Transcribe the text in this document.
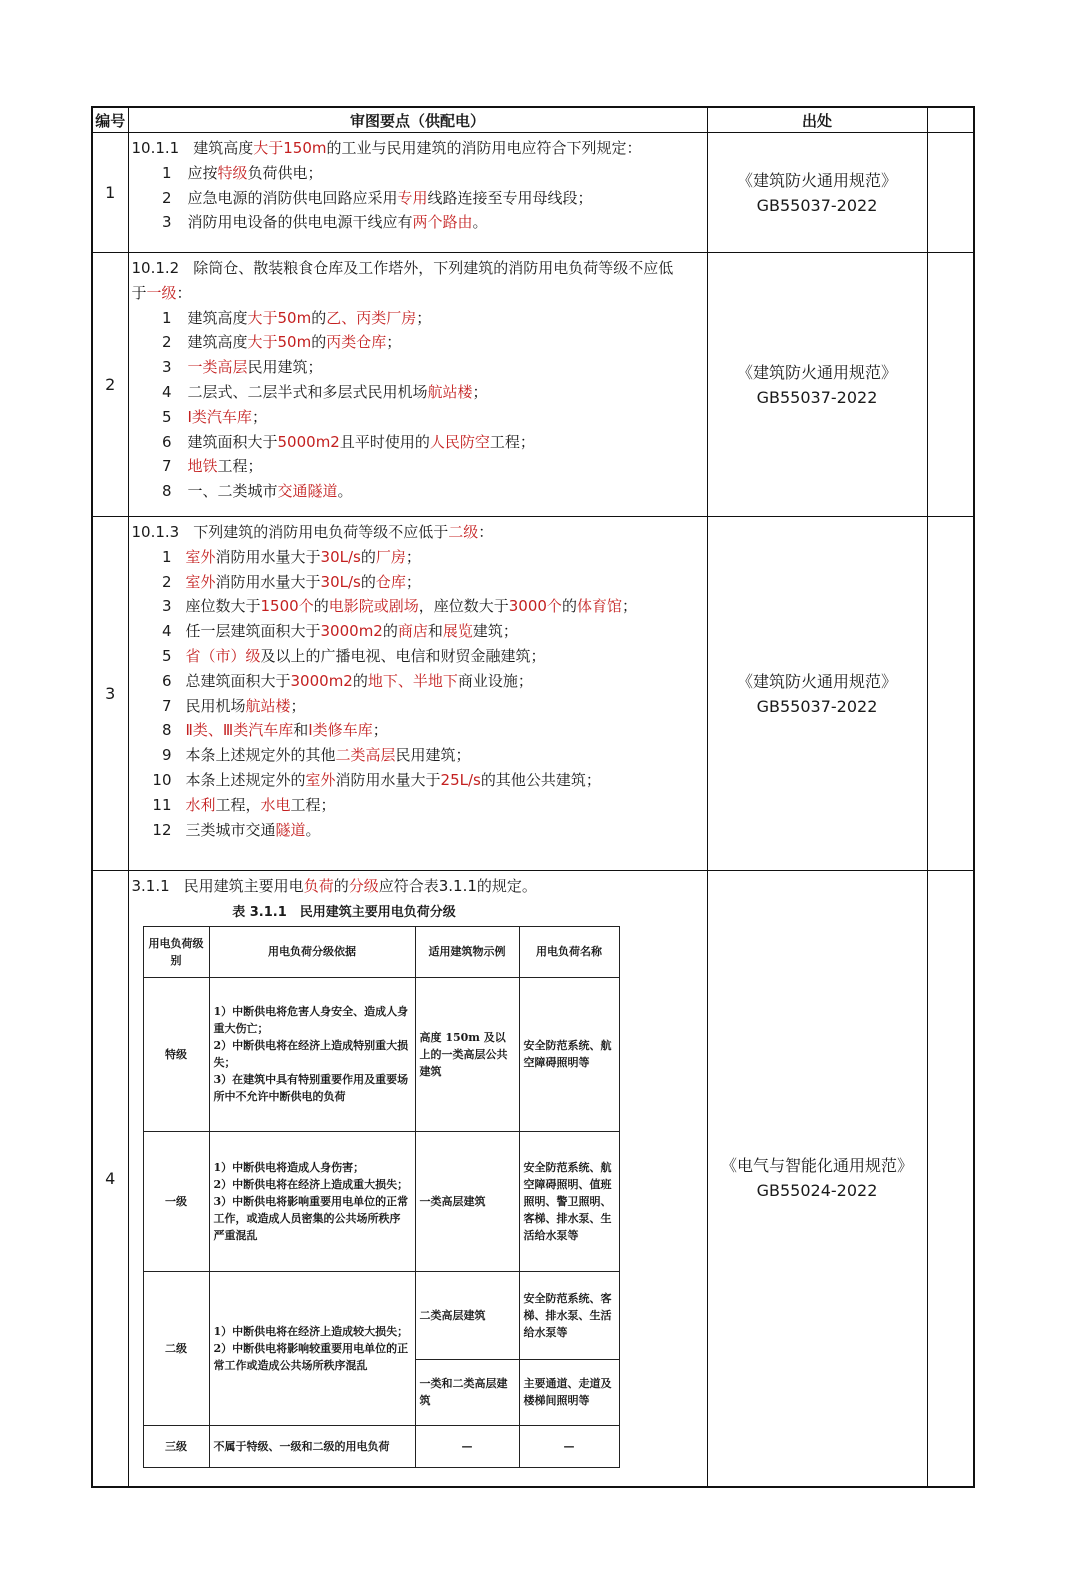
编号	审图要点（供配电）	出处	
1	
10.1.1 建筑高度大于150m的工业与民用建筑的消防用电应符合下列规定：
1 应按特级负荷供电；
2 应急电源的消防供电回路应采用专用线路连接至专用母线段；
3 消防用电设备的供电电源干线应有两个路由。

《建筑防火通用规范》
GB55037-2022

2	
10.1.2 除筒仓、散装粮食仓库及工作塔外，下列建筑的消防用电负荷等级不应低
于一级：
1 建筑高度大于50m的乙、丙类厂房；
2 建筑高度大于50m的丙类仓库；
3 一类高层民用建筑；
4 二层式、二层半式和多层式民用机场航站楼；
5 Ⅰ类汽车库；
6 建筑面积大于5000m2且平时使用的人民防空工程；
7 地铁工程；
8 一、二类城市交通隧道。

《建筑防火通用规范》
GB55037-2022

3	
10.1.3 下列建筑的消防用电负荷等级不应低于二级：
1 室外消防用水量大于30L/s的厂房；
2 室外消防用水量大于30L/s的仓库；
3 座位数大于1500个的电影院或剧场，座位数大于3000个的体育馆；
4 任一层建筑面积大于3000m2的商店和展览建筑；
5 省（市）级及以上的广播电视、电信和财贸金融建筑；
6 总建筑面积大于3000m2的地下、半地下商业设施；
7 民用机场航站楼；
8 Ⅱ类、Ⅲ类汽车库和Ⅰ类修车库；
9 本条上述规定外的其他二类高层民用建筑；
10 本条上述规定外的室外消防用水量大于25L/s的其他公共建筑；
11 水利工程，水电工程；
12 三类城市交通隧道。

《建筑防火通用规范》
GB55037-2022

4	
3.1.1 民用建筑主要用电负荷的分级应符合表3.1.1的规定。
表 3.1.1　民用建筑主要用电负荷分级
用电负荷级别	用电负荷分级依据	适用建筑物示例	用电负荷名称
特级	
1）中断供电将危害人身安全、造成人身重大伤亡；
2）中断供电将在经济上造成特别重大损失；
3）在建筑中具有特别重要作用及重要场所中不允许中断供电的负荷
	高度 150m 及以上的一类高层公共建筑	安全防范系统、航空障碍照明等
一级	
1）中断供电将造成人身伤害；
2）中断供电将在经济上造成重大损失；
3）中断供电将影响重要用电单位的正常工作，或造成人员密集的公共场所秩序严重混乱
	一类高层建筑	安全防范系统、航空障碍照明、值班照明、警卫照明、客梯、排水泵、生活给水泵等
二级	
1）中断供电将在经济上造成较大损失；
2）中断供电将影响较重要用电单位的正常工作或造成公共场所秩序混乱
	二类高层建筑	安全防范系统、客梯、排水泵、生活给水泵等
一类和二类高层建筑	主要通道、走道及楼梯间照明等
三级	不属于特级、一级和二级的用电负荷	—	—

《电气与智能化通用规范》
GB55024-2022
